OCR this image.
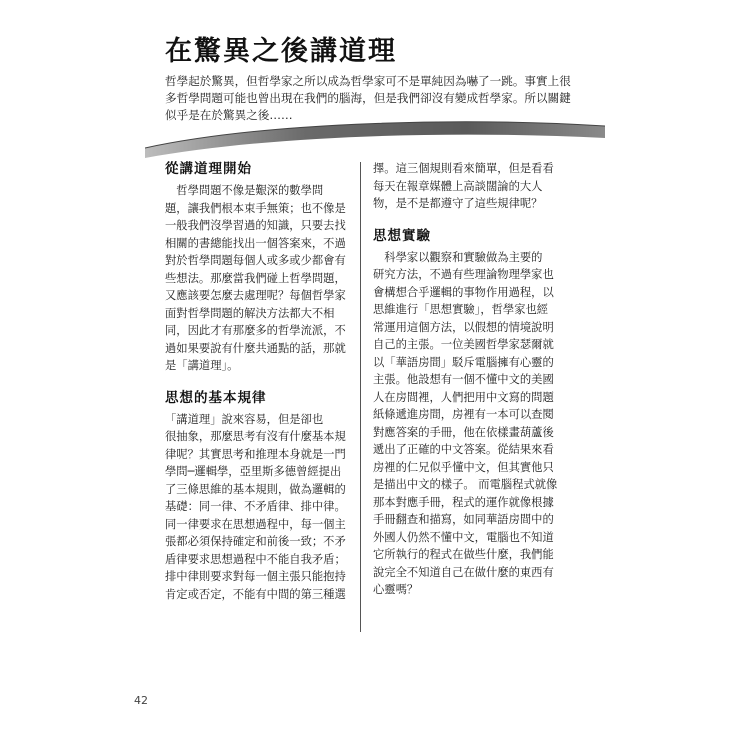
在驚異之後講道理
哲學起於驚異，但哲學家之所以成為哲學家可不是單純因為嚇了一跳。事實上很
多哲學問題可能也曾出現在我們的腦海，但是我們卻沒有變成哲學家。所以關鍵
似乎是在於驚異之後……
從講道理開始

　哲學問題不像是艱深的數學問
題，讓我們根本束手無策；也不像是
一般我們沒學習過的知識，只要去找
相關的書總能找出一個答案來，不過
對於哲學問題每個人或多或少都會有
些想法。那麼當我們碰上哲學問題，
又應該要怎麼去處理呢？每個哲學家
面對哲學問題的解決方法都大不相
同，因此才有那麼多的哲學流派，不
過如果要說有什麼共通點的話，那就
是「講道理」。

思想的基本規律

「講道理」說來容易，但是卻也
很抽象，那麼思考有沒有什麼基本規
律呢？其實思考和推理本身就是一門
學問─邏輯學，亞里斯多德曾經提出
了三條思維的基本規則，做為邏輯的
基礎：同一律、不矛盾律、排中律。
同一律要求在思想過程中，每一個主
張都必須保持確定和前後一致；不矛
盾律要求思想過程中不能自我矛盾；
排中律則要求對每一個主張只能抱持
肯定或否定，不能有中間的第三種選

擇。這三個規則看來簡單，但是看看
每天在報章媒體上高談闊論的大人
物，是不是都遵守了這些規律呢？

思想實驗

　科學家以觀察和實驗做為主要的
研究方法，不過有些理論物理學家也
會構想合乎邏輯的事物作用過程，以
思維進行「思想實驗」，哲學家也經
常運用這個方法，以假想的情境說明
自己的主張。一位美國哲學家瑟爾就
以「華語房間」駁斥電腦擁有心靈的
主張。他設想有一個不懂中文的美國
人在房間裡，人們把用中文寫的問題
紙條遞進房間，房裡有一本可以查閱
對應答案的手冊，他在依樣畫葫蘆後
遞出了正確的中文答案。從結果來看
房裡的仁兄似乎懂中文，但其實他只
是描出中文的樣子。 而電腦程式就像
那本對應手冊，程式的運作就像根據
手冊翻查和描寫，如同華語房間中的
外國人仍然不懂中文，電腦也不知道
它所執行的程式在做些什麼，我們能
說完全不知道自己在做什麼的東西有
心靈嗎？

42
